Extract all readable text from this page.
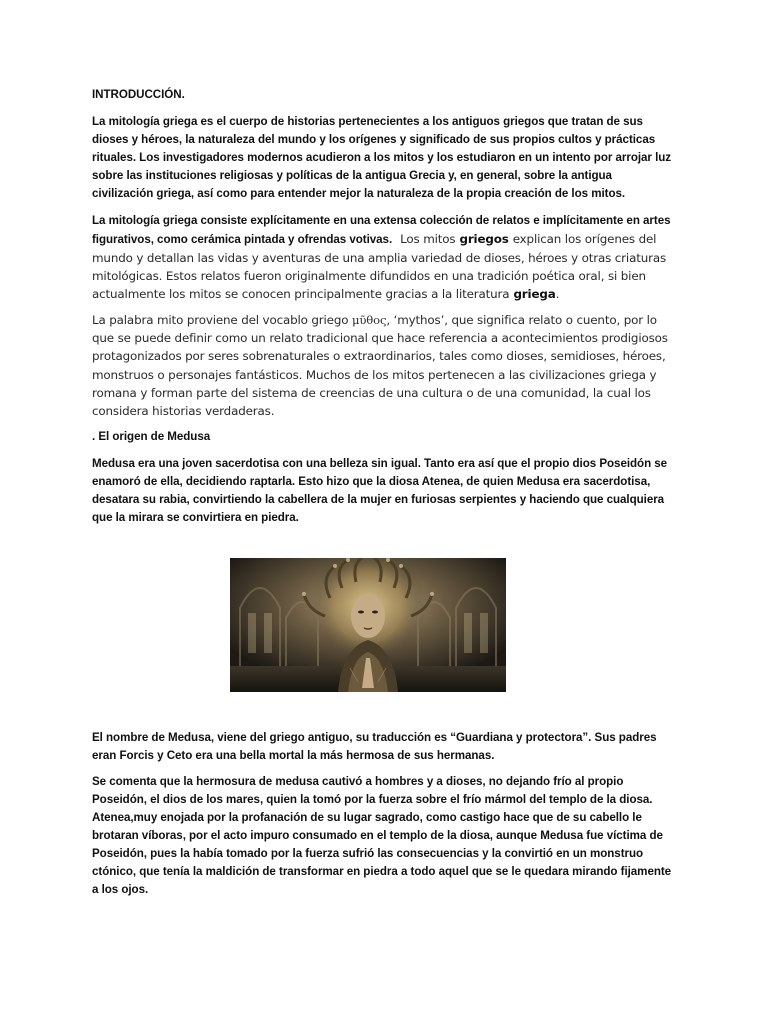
INTRODUCCIÓN.

La mitología griega es el cuerpo de historias pertenecientes a los antiguos griegos que tratan de sus dioses y héroes, la naturaleza del mundo y los orígenes y significado de sus propios cultos y prácticas rituales. Los investigadores modernos acudieron a los mitos y los estudiaron en un intento por arrojar luz sobre las instituciones religiosas y políticas de la antigua Grecia y, en general, sobre la antigua civilización griega, así como para entender mejor la naturaleza de la propia creación de los mitos.

La mitología griega consiste explícitamente en una extensa colección de relatos e implícitamente en artes figurativos, como cerámica pintada y ofrendas votivas. Los mitos griegos explican los orígenes del mundo y detallan las vidas y aventuras de una amplia variedad de dioses, héroes y otras criaturas mitológicas. Estos relatos fueron originalmente difundidos en una tradición poética oral, si bien actualmente los mitos se conocen principalmente gracias a la literatura griega.

La palabra mito proviene del vocablo griego μῦθος, ‘mythos’, que significa relato o cuento, por lo que se puede definir como un relato tradicional que hace referencia a acontecimientos prodigiosos protagonizados por seres sobrenaturales o extraordinarios, tales como dioses, semidioses, héroes, monstruos o personajes fantásticos. Muchos de los mitos pertenecen a las civilizaciones griega y romana y forman parte del sistema de creencias de una cultura o de una comunidad, la cual los considera historias verdaderas.

. El origen de Medusa

Medusa era una joven sacerdotisa con una belleza sin igual. Tanto era así que el propio dios Poseidón se enamoró de ella, decidiendo raptarla. Esto hizo que la diosa Atenea, de quien Medusa era sacerdotisa, desatara su rabia, convirtiendo la cabellera de la mujer en furiosas serpientes y haciendo que cualquiera que la mirara se convirtiera en piedra.

El nombre de Medusa, viene del griego antiguo, su traducción es “Guardiana y protectora”. Sus padres eran Forcis y Ceto era una bella mortal la más hermosa de sus hermanas.

Se comenta que la hermosura de medusa cautivó a hombres y a dioses, no dejando frío al propio Poseidón, el dios de los mares, quien la tomó por la fuerza sobre el frío mármol del templo de la diosa. Atenea,muy enojada por la profanación de su lugar sagrado, como castigo hace que de su cabello le brotaran víboras, por el acto impuro consumado en el templo de la diosa, aunque Medusa fue víctima de Poseidón, pues la había tomado por la fuerza sufrió las consecuencias y la convirtió en un monstruo ctónico, que tenía la maldición de transformar en piedra a todo aquel que se le quedara mirando fijamente a los ojos.
